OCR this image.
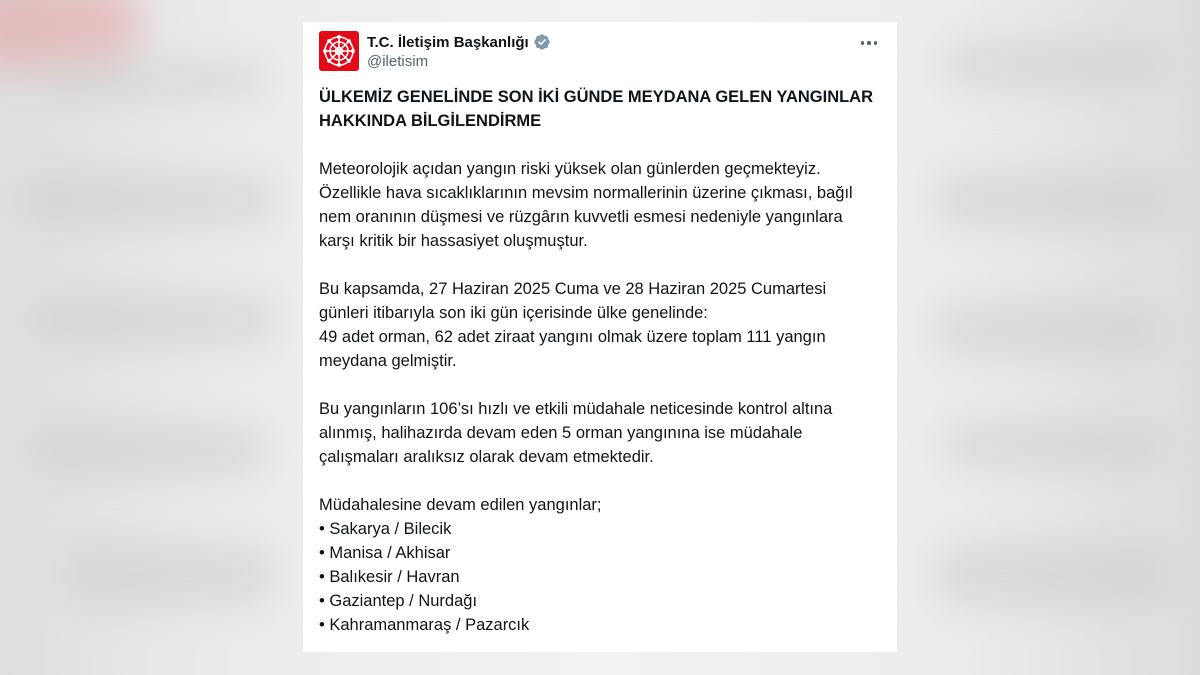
T.C. İletişim Başkanlığı
@iletisim

ÜLKEMİZ GENELİNDE SON İKİ GÜNDE MEYDANA GELEN YANGINLAR
HAKKINDA BİLGİLENDİRME

Meteorolojik açıdan yangın riski yüksek olan günlerden geçmekteyiz.
Özellikle hava sıcaklıklarının mevsim normallerinin üzerine çıkması, bağıl
nem oranının düşmesi ve rüzgârın kuvvetli esmesi nedeniyle yangınlara
karşı kritik bir hassasiyet oluşmuştur.

Bu kapsamda, 27 Haziran 2025 Cuma ve 28 Haziran 2025 Cumartesi
günleri itibarıyla son iki gün içerisinde ülke genelinde:
49 adet orman, 62 adet ziraat yangını olmak üzere toplam 111 yangın
meydana gelmiştir.

Bu yangınların 106’sı hızlı ve etkili müdahale neticesinde kontrol altına
alınmış, halihazırda devam eden 5 orman yangınına ise müdahale
çalışmaları aralıksız olarak devam etmektedir.

Müdahalesine devam edilen yangınlar;
• Sakarya / Bilecik
• Manisa / Akhisar
• Balıkesir / Havran
• Gaziantep / Nurdağı
• Kahramanmaraş / Pazarcık
